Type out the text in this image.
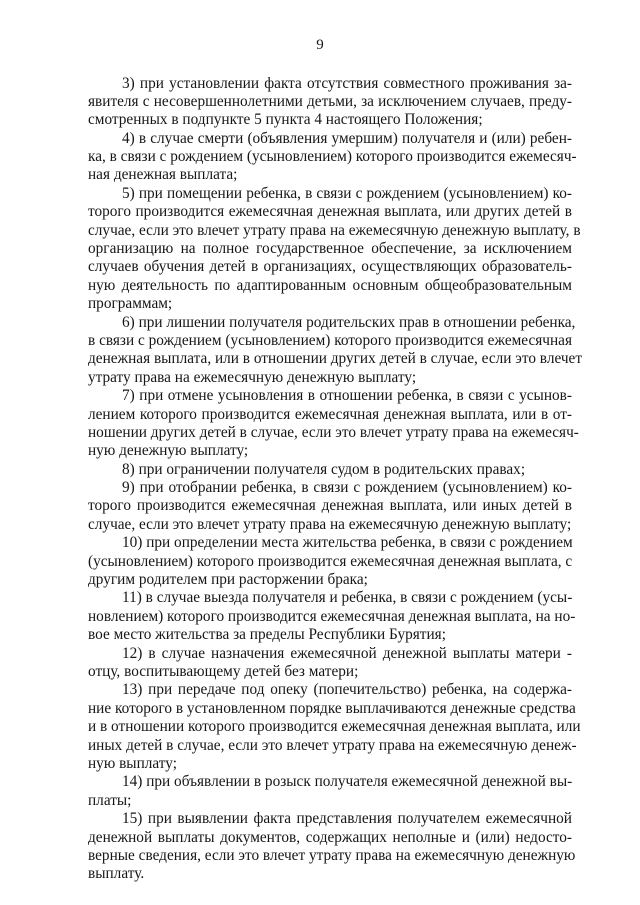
9
3) при установлении факта отсутствия совместного проживания за-
явителя с несовершеннолетними детьми, за исключением случаев, преду-
смотренных в подпункте 5 пункта 4 настоящего Положения;
4) в случае смерти (объявления умершим) получателя и (или) ребен-
ка, в связи с рождением (усыновлением) которого производится ежемесяч-
ная денежная выплата;
5) при помещении ребенка, в связи с рождением (усыновлением) ко-
торого производится ежемесячная денежная выплата, или других детей в
случае, если это влечет утрату права на ежемесячную денежную выплату, в
организацию на полное государственное обеспечение, за исключением
случаев обучения детей в организациях, осуществляющих образователь-
ную деятельность по адаптированным основным общеобразовательным
программам;
6) при лишении получателя родительских прав в отношении ребенка,
в связи с рождением (усыновлением) которого производится ежемесячная
денежная выплата, или в отношении других детей в случае, если это влечет
утрату права на ежемесячную денежную выплату;
7) при отмене усыновления в отношении ребенка, в связи с усынов-
лением которого производится ежемесячная денежная выплата, или в от-
ношении других детей в случае, если это влечет утрату права на ежемесяч-
ную денежную выплату;
8) при ограничении получателя судом в родительских правах;
9) при отобрании ребенка, в связи с рождением (усыновлением) ко-
торого производится ежемесячная денежная выплата, или иных детей в
случае, если это влечет утрату права на ежемесячную денежную выплату;
10) при определении места жительства ребенка, в связи с рождением
(усыновлением) которого производится ежемесячная денежная выплата, с
другим родителем при расторжении брака;
11) в случае выезда получателя и ребенка, в связи с рождением (усы-
новлением) которого производится ежемесячная денежная выплата, на но-
вое место жительства за пределы Республики Бурятия;
12) в случае назначения ежемесячной денежной выплаты матери -
отцу, воспитывающему детей без матери;
13) при передаче под опеку (попечительство) ребенка, на содержа-
ние которого в установленном порядке выплачиваются денежные средства
и в отношении которого производится ежемесячная денежная выплата, или
иных детей в случае, если это влечет утрату права на ежемесячную денеж-
ную выплату;
14) при объявлении в розыск получателя ежемесячной денежной вы-
платы;
15) при выявлении факта представления получателем ежемесячной
денежной выплаты документов, содержащих неполные и (или) недосто-
верные сведения, если это влечет утрату права на ежемесячную денежную
выплату.
